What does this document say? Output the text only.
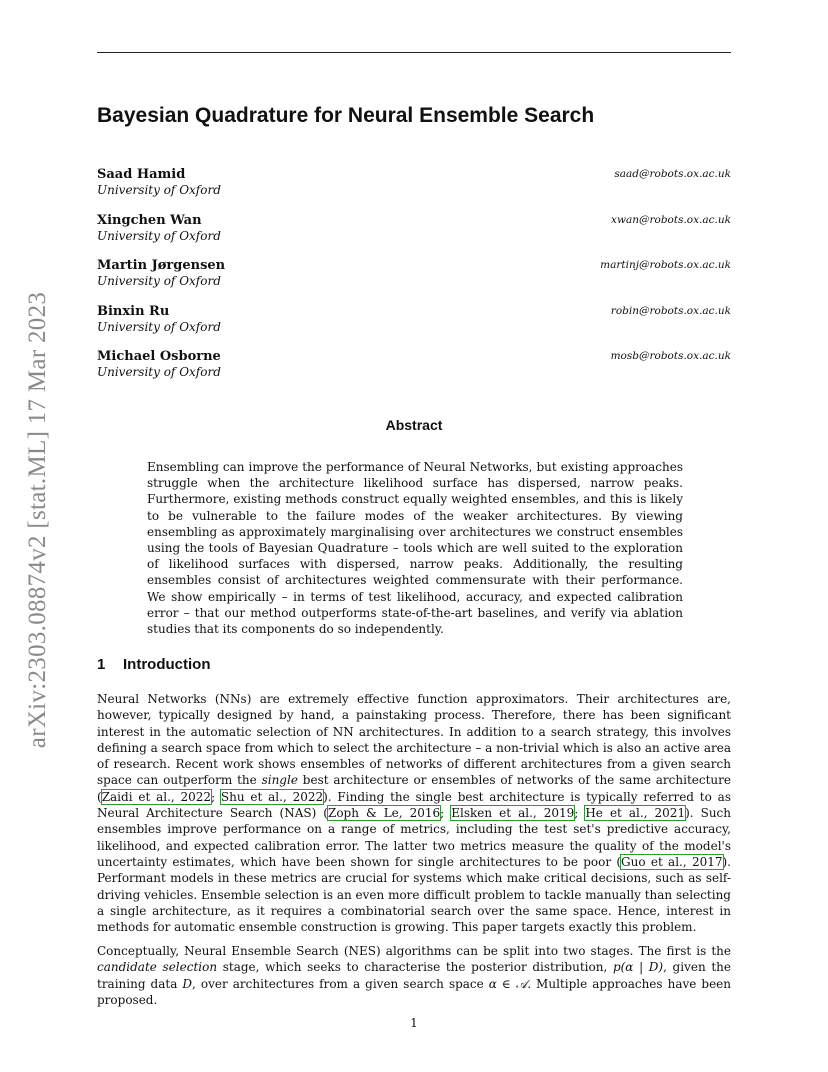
arXiv:2303.08874v2 [stat.ML] 17 Mar 2023
Bayesian Quadrature for Neural Ensemble Search
Saad Hamid
University of Oxford
saad@robots.ox.ac.uk
Xingchen Wan
University of Oxford
xwan@robots.ox.ac.uk
Martin Jørgensen
University of Oxford
martinj@robots.ox.ac.uk
Binxin Ru
University of Oxford
robin@robots.ox.ac.uk
Michael Osborne
University of Oxford
mosb@robots.ox.ac.uk
Abstract

Ensembling can improve the performance of Neural Networks, but existing approaches struggle when the architecture likelihood surface has dispersed, narrow peaks. Furthermore, existing methods construct equally weighted ensembles, and this is likely to be vulnerable to the failure modes of the weaker architectures. By viewing ensembling as approximately marginalising over architectures we construct ensembles using the tools of Bayesian Quadrature – tools which are well suited to the exploration of likelihood surfaces with dispersed, narrow peaks. Additionally, the resulting ensembles consist of architectures weighted commensurate with their performance. We show empirically – in terms of test likelihood, accuracy, and expected calibration error – that our method outperforms state-of-the-art baselines, and verify via ablation studies that its components do so independently.

1 Introduction

Neural Networks (NNs) are extremely effective function approximators. Their architectures are, however, typically designed by hand, a painstaking process. Therefore, there has been significant interest in the automatic selection of NN architectures. In addition to a search strategy, this involves defining a search space from which to select the architecture – a non-trivial which is also an active area of research. Recent work shows ensembles of networks of different architectures from a given search space can outperform the single best architecture or ensembles of networks of the same architecture (Zaidi et al., 2022; Shu et al., 2022). Finding the single best architecture is typically referred to as Neural Architecture Search (NAS) (Zoph & Le, 2016; Elsken et al., 2019; He et al., 2021). Such ensembles improve performance on a range of metrics, including the test set's predictive accuracy, likelihood, and expected calibration error. The latter two metrics measure the quality of the model's uncertainty estimates, which have been shown for single architectures to be poor (Guo et al., 2017). Performant models in these metrics are crucial for systems which make critical decisions, such as self-driving vehicles. Ensemble selection is an even more difficult problem to tackle manually than selecting a single architecture, as it requires a combinatorial search over the same space. Hence, interest in methods for automatic ensemble construction is growing. This paper targets exactly this problem.

Conceptually, Neural Ensemble Search (NES) algorithms can be split into two stages. The first is the candidate selection stage, which seeks to characterise the posterior distribution, p(α | D), given the training data D, over architectures from a given search space α ∈ 𝒜. Multiple approaches have been proposed.

1
